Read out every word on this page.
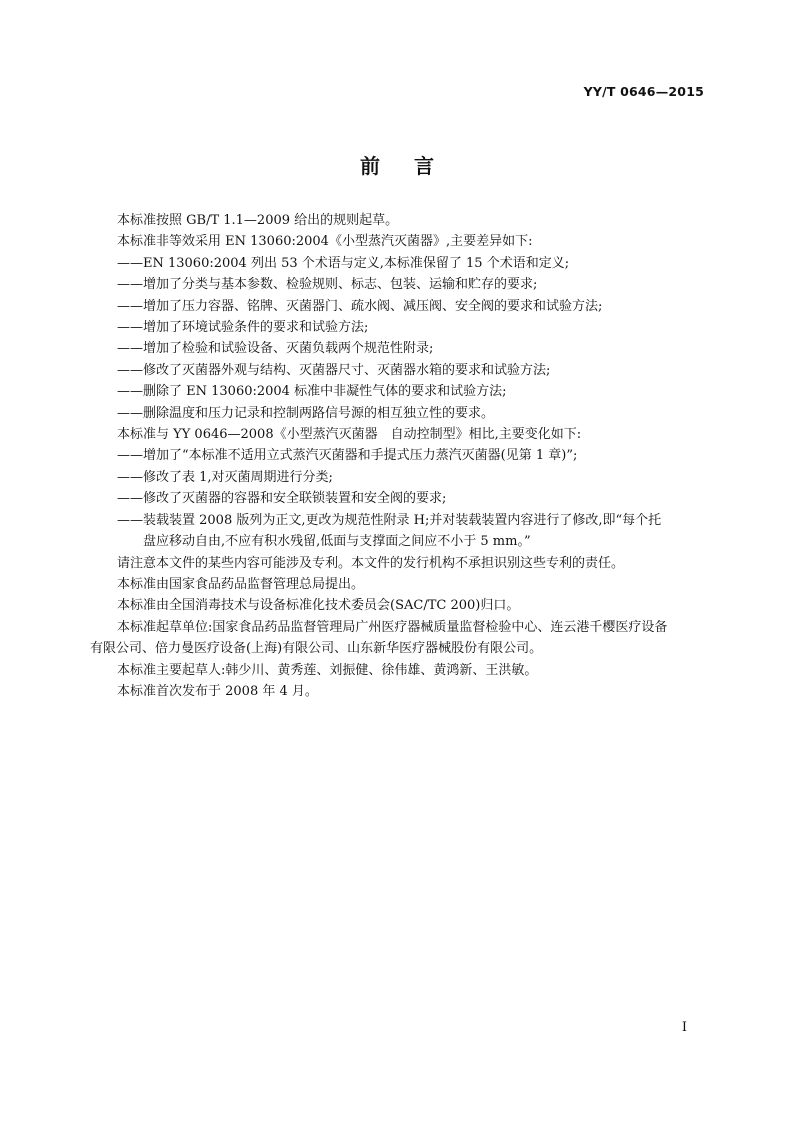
YY/T 0646—2015
前言
本标准按照 GB/T 1.1—2009 给出的规则起草。
本标准非等效采用 EN 13060:2004《小型蒸汽灭菌器》,主要差异如下:
——EN 13060:2004 列出 53 个术语与定义,本标准保留了 15 个术语和定义;
——增加了分类与基本参数、检验规则、标志、包装、运输和贮存的要求;
——增加了压力容器、铭牌、灭菌器门、疏水阀、减压阀、安全阀的要求和试验方法;
——增加了环境试验条件的要求和试验方法;
——增加了检验和试验设备、灭菌负载两个规范性附录;
——修改了灭菌器外观与结构、灭菌器尺寸、灭菌器水箱的要求和试验方法;
——删除了 EN 13060:2004 标准中非凝性气体的要求和试验方法;
——删除温度和压力记录和控制两路信号源的相互独立性的要求。
本标准与 YY 0646—2008《小型蒸汽灭菌器　自动控制型》相比,主要变化如下:
——增加了“本标准不适用立式蒸汽灭菌器和手提式压力蒸汽灭菌器(见第 1 章)”;
——修改了表 1,对灭菌周期进行分类;
——修改了灭菌器的容器和安全联锁装置和安全阀的要求;
——装载装置 2008 版列为正文,更改为规范性附录 H;并对装载装置内容进行了修改,即“每个托
盘应移动自由,不应有积水残留,低面与支撑面之间应不小于 5 mm。”
请注意本文件的某些内容可能涉及专利。本文件的发行机构不承担识别这些专利的责任。
本标准由国家食品药品监督管理总局提出。
本标准由全国消毒技术与设备标准化技术委员会(SAC/TC 200)归口。
本标准起草单位:国家食品药品监督管理局广州医疗器械质量监督检验中心、连云港千樱医疗设备
有限公司、倍力曼医疗设备(上海)有限公司、山东新华医疗器械股份有限公司。
本标准主要起草人:韩少川、黄秀莲、刘振健、徐伟雄、黄鸿新、王洪敏。
本标准首次发布于 2008 年 4 月。
I
